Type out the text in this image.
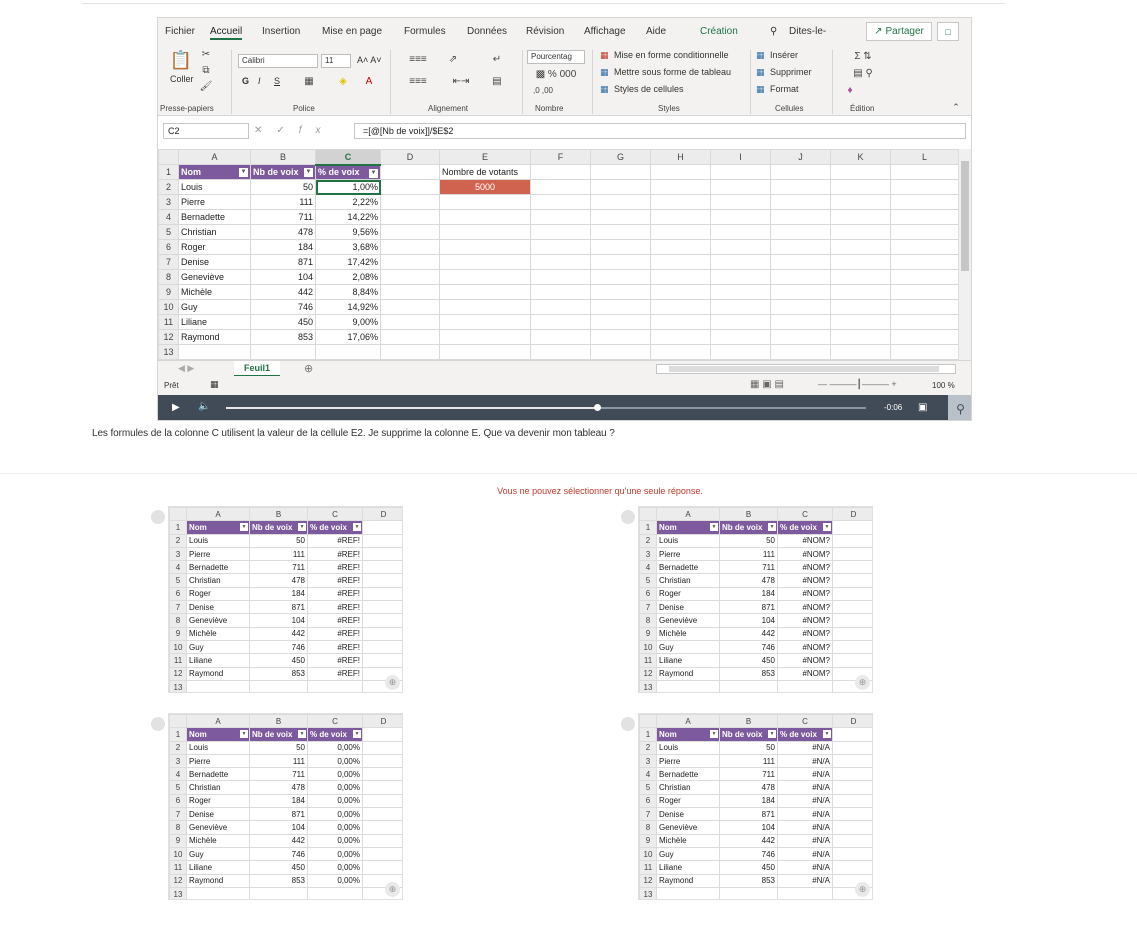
Fichier Accueil Insertion Mise en page Formules Données Révision Affichage Aide	Création	⚲ Dites-le-	↗ Partager	□
📋
Coller
✂
⧉
🖌
Presse-papiers
Calibri	11	A˄ A˅
G I S ▦	◈	A
Police
≡≡≡	⇗	↵
≡≡≡	⇤⇥	▤
Alignement
Pourcentag
▩ % 000
,0 ,00
Nombre
▦ Mise en forme conditionnelle
▦ Mettre sous forme de tableau
▦ Styles de cellules
Styles
▦ Insérer
▦ Supprimer
▦ Format
Cellules
Σ ⇅
▤ ⚲
♦
Édition	⌃
C2	✕✓fx	=[@[Nb de voix]]/$E$2
	A	B	C	D	E	F	G	H	I	J	K	L
1	Nom ▼	Nb de voix ▼	% de voix ▼		Nombre de votants							
2	Louis	50	1,00%		5000							
3	Pierre	111	2,22%									
4	Bernadette	711	14,22%									
5	Christian	478	9,56%									
6	Roger	184	3,68%									
7	Denise	871	17,42%									
8	Geneviève	104	2,08%									
9	Michèle	442	8,84%									
10	Guy	746	14,92%									
11	Liliane	450	9,00%									
12	Raymond	853	17,06%									
13												
◀ ▶	Feuil1	⊕
Prêt	▦	▦ ▣ ▤	— ———┃——— +	100 %
▶ 🔈	-0:06 ▣	⚲
Les formules de la colonne C utilisent la valeur de la cellule E2. Je supprime la colonne E. Que va devenir mon tableau ?
Vous ne pouvez sélectionner qu'une seule réponse.
	A	B	C	D
1	Nom ▼	Nb de voix ▼	% de voix ▼	

2	Louis	50	#REF!	
3	Pierre	111	#REF!	
4	Bernadette	711	#REF!	
5	Christian	478	#REF!	
6	Roger	184	#REF!	
7	Denise	871	#REF!	
8	Geneviève	104	#REF!	
9	Michèle	442	#REF!	
10	Guy	746	#REF!	
11	Liliane	450	#REF!	
12	Raymond	853	#REF!	
13					⊕
	A	B	C	D
1	Nom ▼	Nb de voix ▼	% de voix ▼	

2	Louis	50	#NOM?	
3	Pierre	111	#NOM?	
4	Bernadette	711	#NOM?	
5	Christian	478	#NOM?	
6	Roger	184	#NOM?	
7	Denise	871	#NOM?	
8	Geneviève	104	#NOM?	
9	Michèle	442	#NOM?	
10	Guy	746	#NOM?	
11	Liliane	450	#NOM?	
12	Raymond	853	#NOM?	
13					⊕
	A	B	C	D
1	Nom ▼	Nb de voix ▼	% de voix ▼	

2	Louis	50	0,00%	
3	Pierre	111	0,00%	
4	Bernadette	711	0,00%	
5	Christian	478	0,00%	
6	Roger	184	0,00%	
7	Denise	871	0,00%	
8	Geneviève	104	0,00%	
9	Michèle	442	0,00%	
10	Guy	746	0,00%	
11	Liliane	450	0,00%	
12	Raymond	853	0,00%	
13					⊕
	A	B	C	D
1	Nom ▼	Nb de voix ▼	% de voix ▼	

2	Louis	50	#N/A	
3	Pierre	111	#N/A	
4	Bernadette	711	#N/A	
5	Christian	478	#N/A	
6	Roger	184	#N/A	
7	Denise	871	#N/A	
8	Geneviève	104	#N/A	
9	Michèle	442	#N/A	
10	Guy	746	#N/A	
11	Liliane	450	#N/A	
12	Raymond	853	#N/A	
13					⊕
